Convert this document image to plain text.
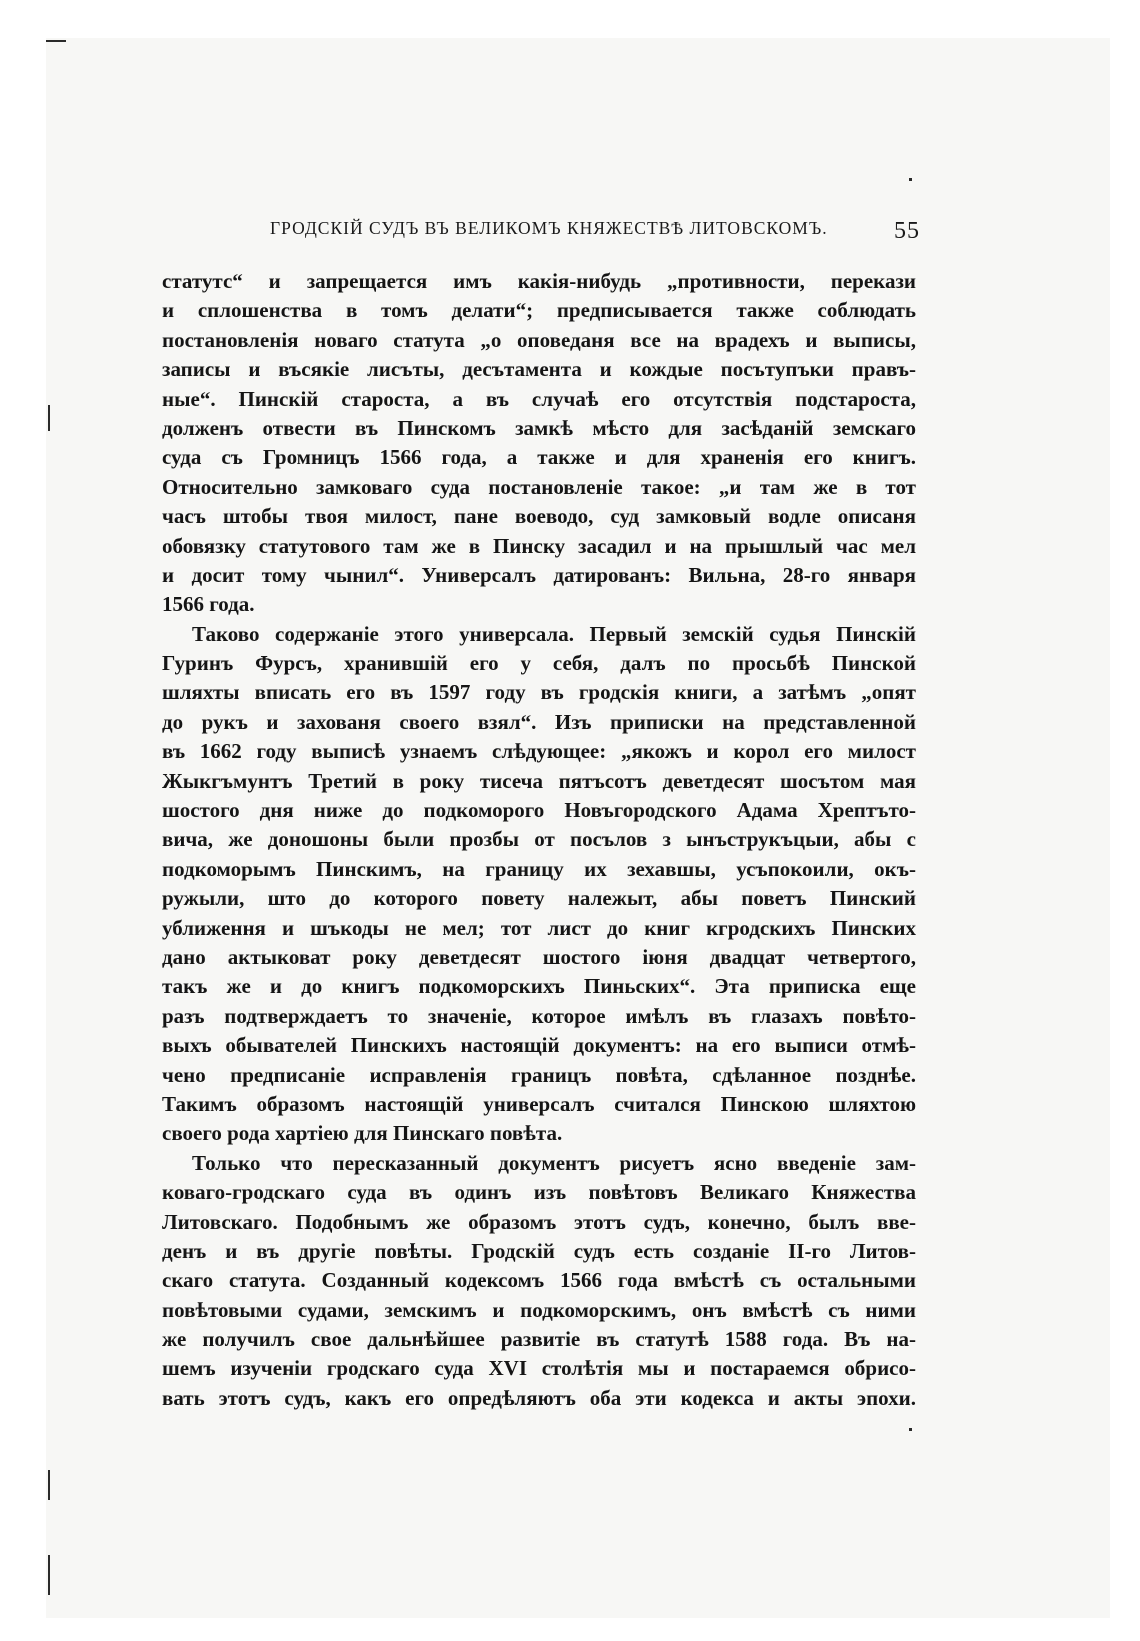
ГРОДСКІЙ СУДЪ ВЪ ВЕЛИКОМЪ КНЯЖЕСТВѢ ЛИТОВСКОМЪ.	55
статутс“ и запрещается имъ какія-нибудь „противности, перекази
и сплошенства в томъ делати“; предписывается также соблюдать
постановленія новаго статута „о оповеданя все на врадехъ и выписы,
записы и въсякіе лисъты, десътамента и кождые посътупъки правъ-
ные“. Пинскій староста, а въ случаѣ его отсутствія подстароста,
долженъ отвести въ Пинскомъ замкѣ мѣсто для засѣданій земскаго
суда съ Громницъ 1566 года, а также и для храненія его книгъ.
Относительно замковаго суда постановленіе такое: „и там же в тот
часъ штобы твоя милост, пане воеводо, суд замковый водле описаня
обовязку статутового там же в Пинску засадил и на прышлый час мел
и досит тому чынил“. Универсалъ датированъ: Вильна, 28-го января
1566 года.
Таково содержаніе этого универсала. Первый земскій судья Пинскій
Гуринъ Фурсъ, хранившій его у себя, далъ по просьбѣ Пинской
шляхты вписать его въ 1597 году въ гродскія книги, а затѣмъ „опят
до рукъ и захованя своего взял“. Изъ приписки на представленной
въ 1662 году выписѣ узнаемъ слѣдующее: „якожъ и корол его милост
Жыкгъмунтъ Третий в року тисеча пятъсотъ деветдесят шосътом мая
шостого дня ниже до подкоморого Новъгородского Адама Хрептъто-
вича, же доношоны были прозбы от посълов з ынъструкъцыи, абы с
подкоморымъ Пинскимъ, на границу их зехавшы, усъпокоили, окъ-
ружыли, што до которого повету належыт, абы поветъ Пинский
уближення и шъкоды не мел; тот лист до книг кгродскихъ Пинских
дано актыковат року деветдесят шостого іюня двадцат четвертого,
такъ же и до книгъ подкоморскихъ Пиньских“. Эта приписка еще
разъ подтверждаетъ то значеніе, которое имѣлъ въ глазахъ повѣто-
выхъ обывателей Пинскихъ настоящій документъ: на его выписи отмѣ-
чено предписаніе исправленія границъ повѣта, сдѣланное позднѣе.
Такимъ образомъ настоящій универсалъ считался Пинскою шляхтою
своего рода хартіею для Пинскаго повѣта.
Только что пересказанный документъ рисуетъ ясно введеніе зам-
коваго-гродскаго суда въ одинъ изъ повѣтовъ Великаго Княжества
Литовскаго. Подобнымъ же образомъ этотъ судъ, конечно, былъ вве-
денъ и въ другіе повѣты. Гродскій судъ есть созданіе II-го Литов-
скаго статута. Созданный кодексомъ 1566 года вмѣстѣ съ остальными
повѣтовыми судами, земскимъ и подкоморскимъ, онъ вмѣстѣ съ ними
же получилъ свое дальнѣйшее развитіе въ статутѣ 1588 года. Въ на-
шемъ изученіи гродскаго суда XVI столѣтія мы и постараемся обрисо-
вать этотъ судъ, какъ его опредѣляютъ оба эти кодекса и акты эпохи.
